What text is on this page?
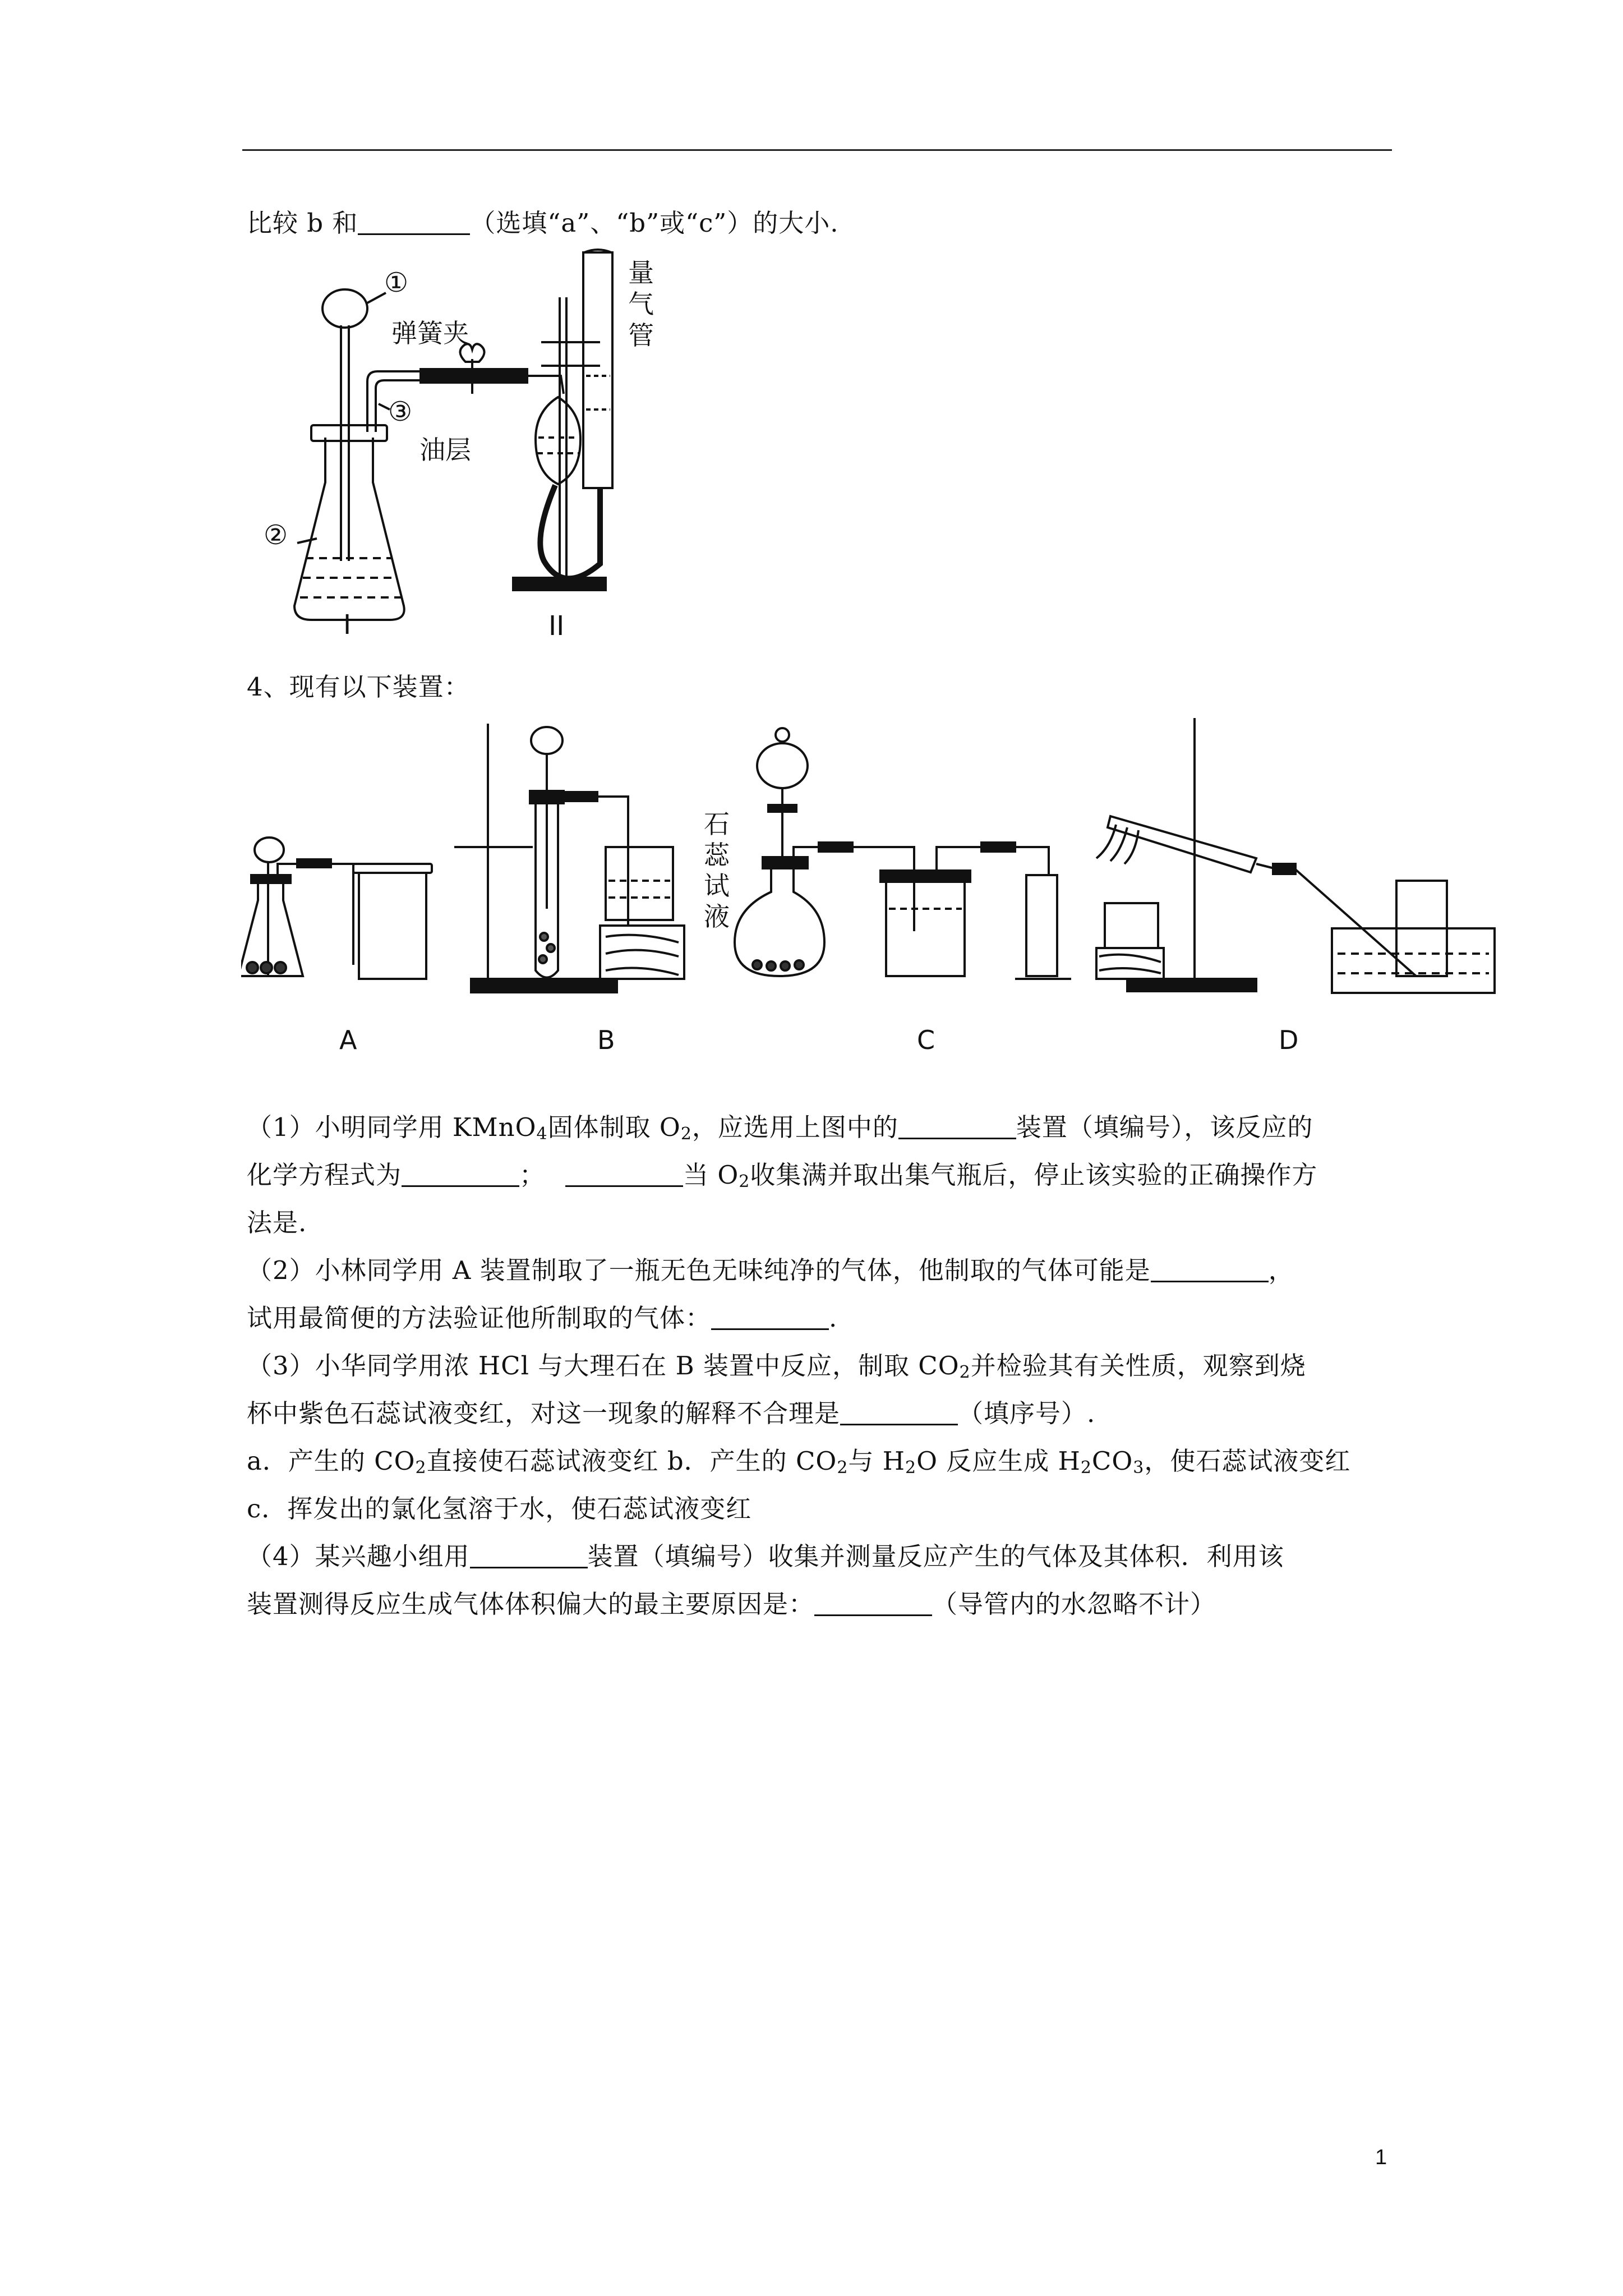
比较 b 和	（选填“a”、“b”或“c”）的大小.
①
②
③
弹簧夹
油层
量
气
管
I	II
4、现有以下装置：
石
蕊
试
液
A	B	C	D
（1）小明同学用 KMnO$_4$固体制取 $O_2$，应选用上图中的	装置（填编号），该反应的
化学方程式为	；	当 $O_2$收集满并取出集气瓶后，停止该实验的正确操作方
法是.
（2）小林同学用 A 装置制取了一瓶无色无味纯净的气体，他制取的气体可能是	，
试用最简便的方法验证他所制取的气体：	.
（3）小华同学用浓 HCl 与大理石在 B 装置中反应，制取 $CO_2$并检验其有关性质，观察到烧
杯中紫色石蕊试液变红，对这一现象的解释不合理是	（填序号）.
a．产生的 $CO_2$直接使石蕊试液变红 b．产生的 $CO_2$与 $H_2O$ 反应生成 $H_2CO_3$，使石蕊试液变红
c．挥发出的氯化氢溶于水，使石蕊试液变红
（4）某兴趣小组用	装置（填编号）收集并测量反应产生的气体及其体积．利用该
装置测得反应生成气体体积偏大的最主要原因是：	（导管内的水忽略不计）
1
